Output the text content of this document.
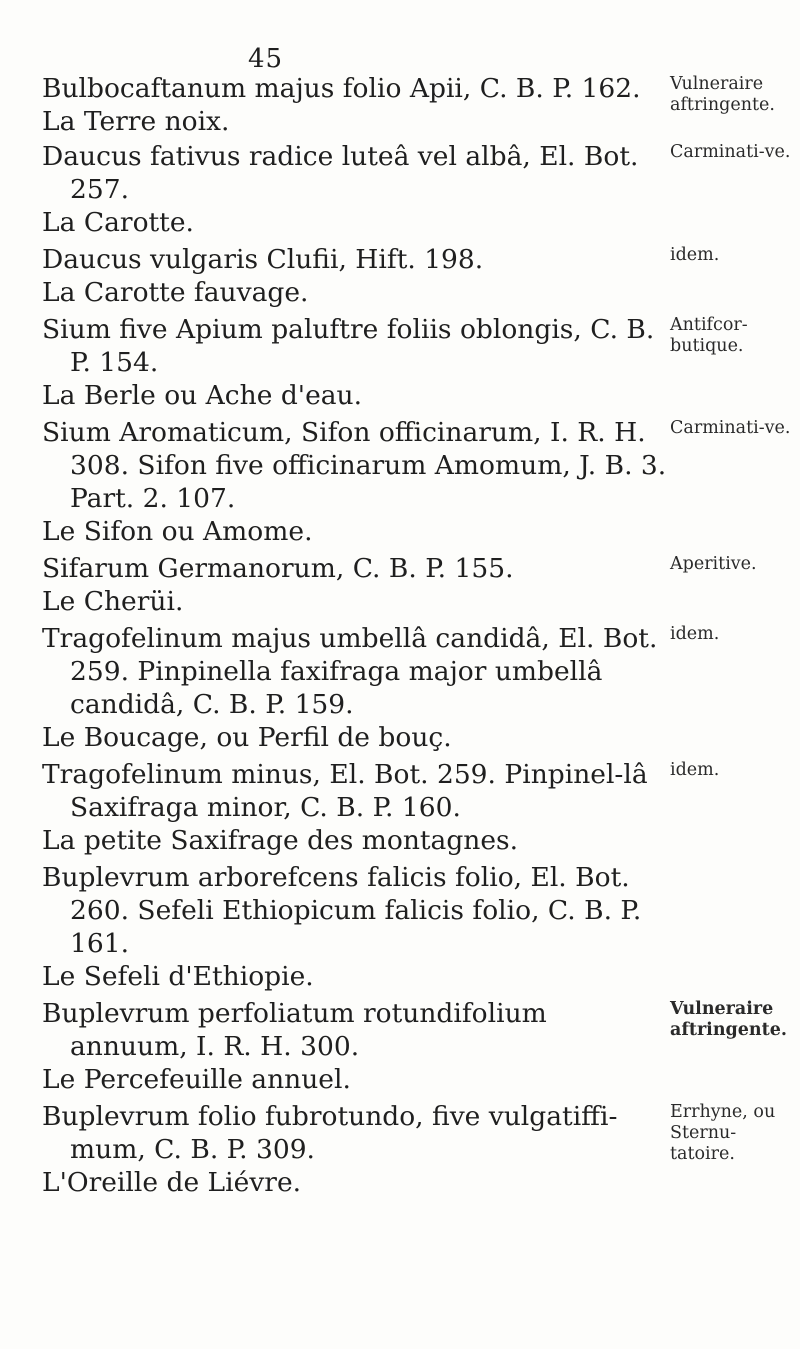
45
Bulbocaftanum majus folio Apii, C. B. P. 162.
La Terre noix.
Vulneraire aftringente.
Daucus fativus radice luteâ vel albâ, El. Bot. 257.
La Carotte.
Carminati-ve.
Daucus vulgaris Clufii, Hift. 198.
La Carotte fauvage.
idem.
Sium five Apium paluftre foliis oblongis, C. B. P. 154.
La Berle ou Ache d'eau.
Antifcor-butique.
Sium Aromaticum, Sifon officinarum, I. R. H. 308. Sifon five officinarum Amomum, J. B. 3. Part. 2. 107.
Le Sifon ou Amome.
Carminati-ve.
Sifarum Germanorum, C. B. P. 155.
Le Cherüi.
Aperitive.
Tragofelinum majus umbellâ candidâ, El. Bot. 259. Pinpinella faxifraga major umbellâ candidâ, C. B. P. 159.
Le Boucage, ou Perfil de bouç.
idem.
Tragofelinum minus, El. Bot. 259. Pinpinel-lâ Saxifraga minor, C. B. P. 160.
La petite Saxifrage des montagnes.
idem.
Buplevrum arborefcens falicis folio, El. Bot. 260. Sefeli Ethiopicum falicis folio, C. B. P. 161.
Le Sefeli d'Ethiopie.
Buplevrum perfoliatum rotundifolium annuum, I. R. H. 300.
Le Percefeuille annuel.
Vulneraire aftringente.
Buplevrum folio fubrotundo, five vulgatiffi-mum, C. B. P. 309.
L'Oreille de Liévre.
Errhyne, ou Sternu-tatoire.
